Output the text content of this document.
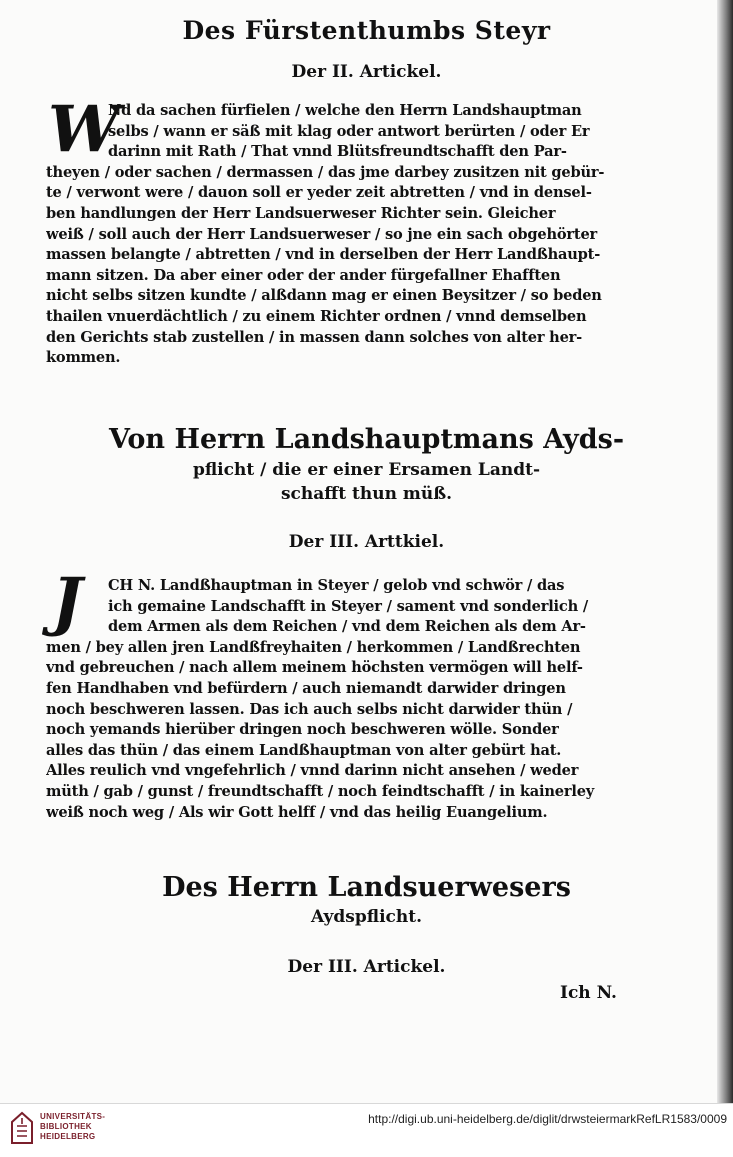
Des Fürstenthumbs Steyr
Der II. Artickel.
W
Nd da sachen fürfielen / welche den Herrn Landshauptman
selbs / wann er säß mit klag oder antwort berürten / oder Er
darinn mit Rath / That vnnd Blütsfreundtschafft den Par-
theyen / oder sachen / dermassen / das jme darbey zusitzen nit gebür-
te / verwont were / dauon soll er yeder zeit abtretten / vnd in densel-
ben handlungen der Herr Landsuerweser Richter sein. Gleicher
weiß / soll auch der Herr Landsuerweser / so jne ein sach obgehörter
massen belangte / abtretten / vnd in derselben der Herr Landßhaupt-
mann sitzen. Da aber einer oder der ander fürgefallner Ehafften
nicht selbs sitzen kundte / alßdann mag er einen Beysitzer / so beden
thailen vnuerdächtlich / zu einem Richter ordnen / vnnd demselben
den Gerichts stab zustellen / in massen dann solches von alter her-
kommen.
Von Herrn Landshauptmans Ayds-
pflicht / die er einer Ersamen Landt-
schafft thun müß.
Der III. Arttkiel.
J	CH N. Landßhauptman in Steyer / gelob vnd schwör / das
ich gemaine Landschafft in Steyer / sament vnd sonderlich /
dem Armen als dem Reichen / vnd dem Reichen als dem Ar-
men / bey allen jren Landßfreyhaiten / herkommen / Landßrechten
vnd gebreuchen / nach allem meinem höchsten vermögen will helf-
fen Handhaben vnd befürdern / auch niemandt darwider dringen
noch beschweren lassen. Das ich auch selbs nicht darwider thün /
noch yemands hierüber dringen noch beschweren wölle. Sonder
alles das thün / das einem Landßhauptman von alter gebürt hat.
Alles reulich vnd vngefehrlich / vnnd darinn nicht ansehen / weder
müth / gab / gunst / freundtschafft / noch feindtschafft / in kainerley
weiß noch weg / Als wir Gott helff / vnd das heilig Euangelium.
Des Herrn Landsuerwesers
Aydspflicht.
Der III. Artickel.
Ich N.
UNIVERSITÄTS-
BIBLIOTHEK
HEIDELBERG
http://digi.ub.uni-heidelberg.de/diglit/drwsteiermarkRefLR1583/0009
